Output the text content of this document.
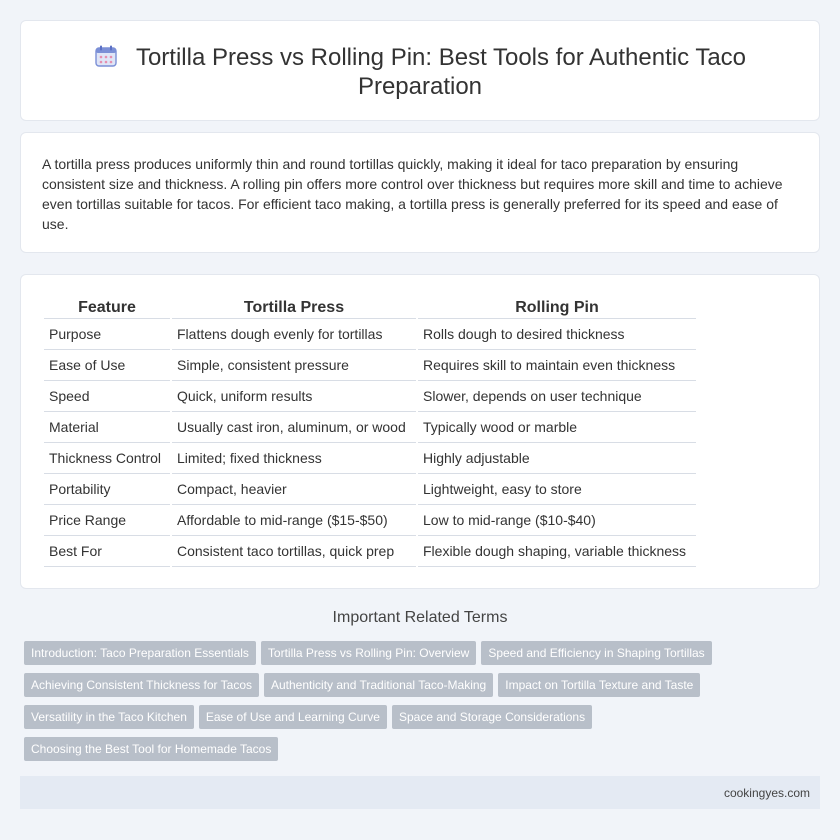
Tortilla Press vs Rolling Pin: Best Tools for Authentic Taco
Preparation

A tortilla press produces uniformly thin and round tortillas quickly, making it ideal for taco preparation by ensuring consistent size and thickness. A rolling pin offers more control over thickness but requires more skill and time to achieve even tortillas suitable for tacos. For efficient taco making, a tortilla press is generally preferred for its speed and ease of use.

Feature	Tortilla Press	Rolling Pin
Purpose	Flattens dough evenly for tortillas	Rolls dough to desired thickness
Ease of Use	Simple, consistent pressure	Requires skill to maintain even thickness
Speed	Quick, uniform results	Slower, depends on user technique
Material	Usually cast iron, aluminum, or wood	Typically wood or marble
Thickness Control	Limited; fixed thickness	Highly adjustable
Portability	Compact, heavier	Lightweight, easy to store
Price Range	Affordable to mid-range ($15-$50)	Low to mid-range ($10-$40)
Best For	Consistent taco tortillas, quick prep	Flexible dough shaping, variable thickness
Important Related Terms
Introduction: Taco Preparation Essentials Tortilla Press vs Rolling Pin: Overview Speed and Efficiency in Shaping Tortillas
Achieving Consistent Thickness for Tacos Authenticity and Traditional Taco-Making Impact on Tortilla Texture and Taste
Versatility in the Taco Kitchen Ease of Use and Learning Curve Space and Storage Considerations
Choosing the Best Tool for Homemade Tacos
cookingyes.com
